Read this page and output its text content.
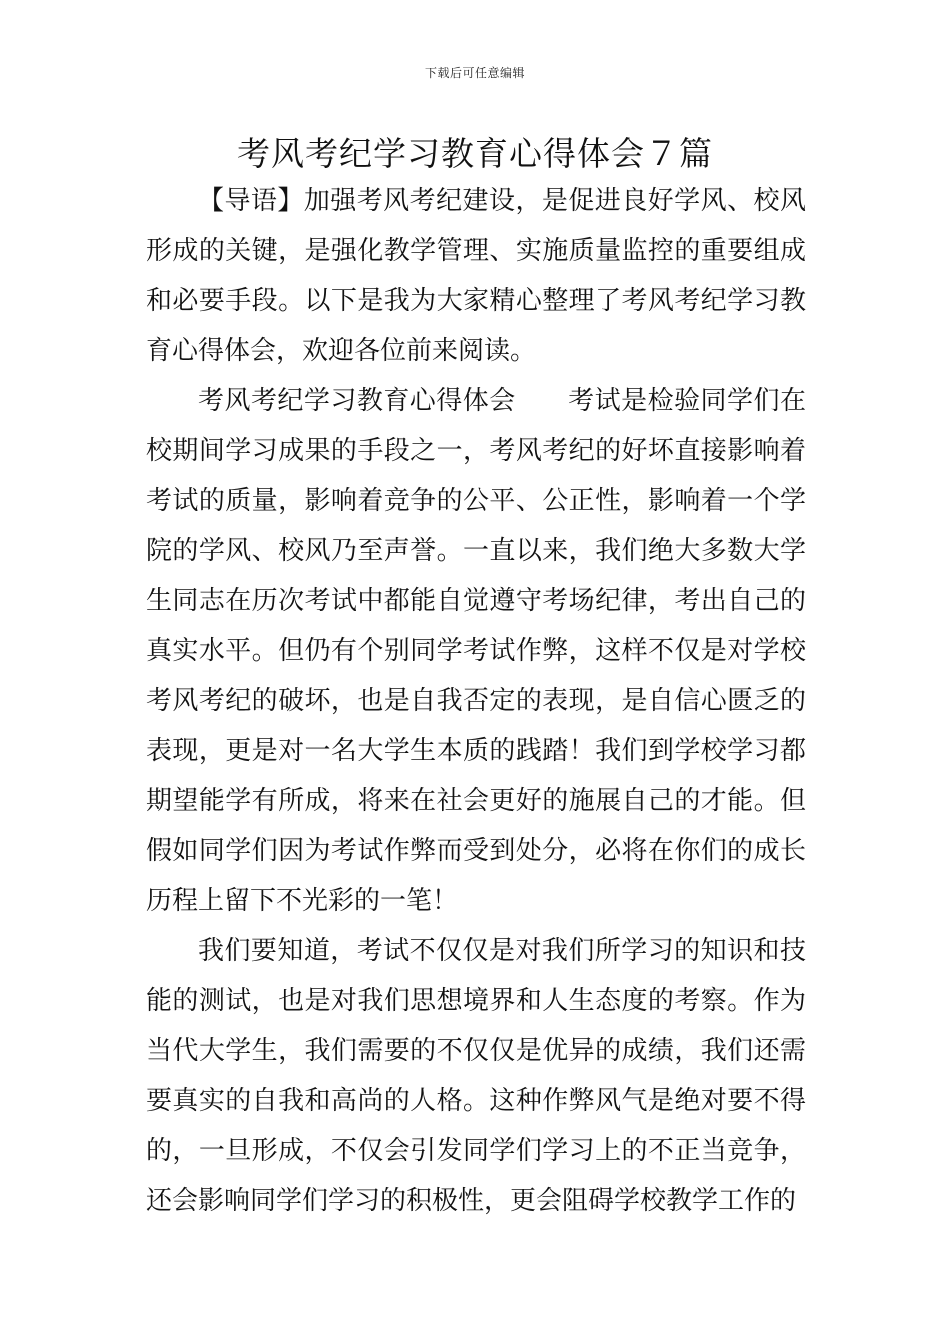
下载后可任意编辑
考风考纪学习教育心得体会７篇

【导语】加强考风考纪建设，是促进良好学风、校风形成的关键，是强化教学管理、实施质量监控的重要组成和必要手段。以下是我为大家精心整理了考风考纪学习教育心得体会，欢迎各位前来阅读。

考风考纪学习教育心得体会 考试是检验同学们在校期间学习成果的手段之一，考风考纪的好坏直接影响着考试的质量，影响着竞争的公平、公正性，影响着一个学院的学风、校风乃至声誉。一直以来，我们绝大多数大学生同志在历次考试中都能自觉遵守考场纪律，考出自己的真实水平。但仍有个别同学考试作弊，这样不仅是对学校考风考纪的破坏，也是自我否定的表现，是自信心匮乏的表现，更是对一名大学生本质的践踏！我们到学校学习都期望能学有所成，将来在社会更好的施展自己的才能。但假如同学们因为考试作弊而受到处分，必将在你们的成长历程上留下不光彩的一笔！

我们要知道，考试不仅仅是对我们所学习的知识和技能的测试，也是对我们思想境界和人生态度的考察。作为当代大学生，我们需要的不仅仅是优异的成绩，我们还需要真实的自我和高尚的人格。这种作弊风气是绝对要不得的，一旦形成，不仅会引发同学们学习上的不正当竞争，还会影响同学们学习的积极性，更会阻碍学校教学工作的
